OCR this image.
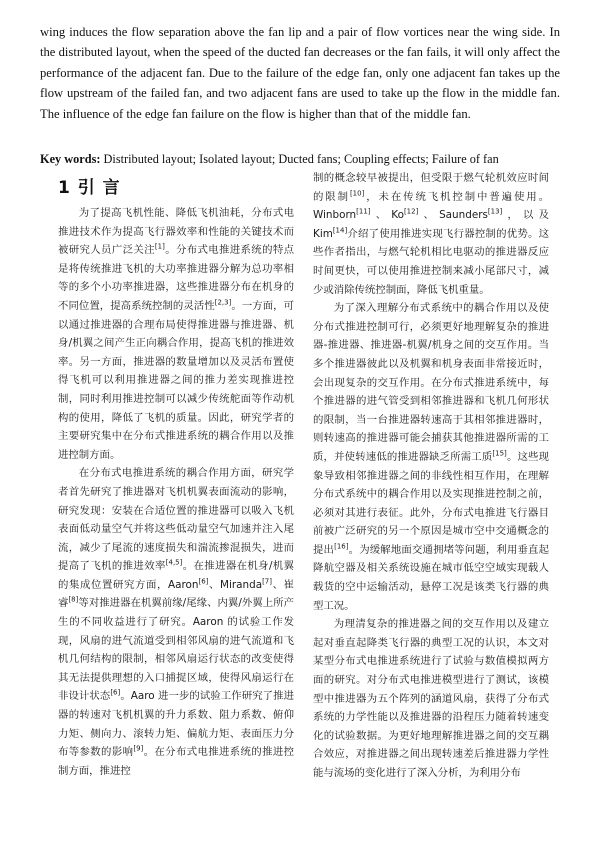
wing induces the flow separation above the fan lip and a pair of flow vortices near the wing side. In the distributed layout, when the speed of the ducted fan decreases or the fan fails, it will only affect the performance of the adjacent fan. Due to the failure of the edge fan, only one adjacent fan takes up the flow upstream of the failed fan, and two adjacent fans are used to take up the flow in the middle fan. The influence of the edge fan failure on the flow is higher than that of the middle fan.

Key words: Distributed layout; Isolated layout; Ducted fans; Coupling effects; Failure of fan
1 引 言

为了提高飞机性能、降低飞机油耗，分布式电推进技术作为提高飞行器效率和性能的关键技术而被研究人员广泛关注[1]。分布式电推进系统的特点是将传统推进飞机的大功率推进器分解为总功率相等的多个小功率推进器，这些推进器分布在机身的不同位置，提高系统控制的灵活性[2,3]。一方面，可以通过推进器的合理布局使得推进器与推进器、机身/机翼之间产生正向耦合作用，提高飞机的推进效率。另一方面，推进器的数量增加以及灵活布置使得飞机可以利用推进器之间的推力差实现推进控制，同时利用推进控制可以减少传统舵面等作动机构的使用，降低了飞机的质量。因此，研究学者的主要研究集中在分布式推进系统的耦合作用以及推进控制方面。

在分布式电推进系统的耦合作用方面，研究学者首先研究了推进器对飞机机翼表面流动的影响，研究发现：安装在合适位置的推进器可以吸入飞机表面低动量空气并将这些低动量空气加速并注入尾流，减少了尾流的速度损失和湍流掺混损失，进而提高了飞机的推进效率[4,5]。在推进器在机身/机翼的集成位置研究方面，Aaron[6]、Miranda[7]、崔睿[8]等对推进器在机翼前缘/尾缘、内翼/外翼上所产生的不同收益进行了研究。Aaron 的试验工作发现，风扇的进气流道受到相邻风扇的进气流道和飞机几何结构的限制，相邻风扇运行状态的改变使得其无法提供理想的入口捕捉区域，使得风扇运行在非设计状态[6]。Aaro 进一步的试验工作研究了推进器的转速对飞机机翼的升力系数、阻力系数、俯仰力矩、侧向力、滚转力矩、偏航力矩、表面压力分布等参数的影响[9]。在分布式电推进系统的推进控制方面，推进控

制的概念较早被提出，但受限于燃气轮机效应时间的限制[10]，未在传统飞机控制中普遍使用。Winborn[11]、Ko[12]、Saunders[13]，以及 Kim[14]介绍了使用推进实现飞行器控制的优势。这些作者指出，与燃气轮机相比电驱动的推进器反应时间更快，可以使用推进控制来减小尾部尺寸，减少或消除传统控制面，降低飞机重量。

为了深入理解分布式系统中的耦合作用以及使分布式推进控制可行，必须更好地理解复杂的推进器-推进器、推进器-机翼/机身之间的交互作用。当多个推进器彼此以及机翼和机身表面非常接近时，会出现复杂的交互作用。在分布式推进系统中，每个推进器的进气管受到相邻推进器和飞机几何形状的限制，当一台推进器转速高于其相邻推进器时，则转速高的推进器可能会捕获其他推进器所需的工质，并使转速低的推进器缺乏所需工质[15]。这些现象导致相邻推进器之间的非线性相互作用，在理解分布式系统中的耦合作用以及实现推进控制之前，必须对其进行表征。此外，分布式电推进飞行器目前被广泛研究的另一个原因是城市空中交通概念的提出[16]。为缓解地面交通拥堵等问题，利用垂直起降航空器及相关系统设施在城市低空空域实现载人载货的空中运输活动，悬停工况是该类飞行器的典型工况。

为理清复杂的推进器之间的交互作用以及建立起对垂直起降类飞行器的典型工况的认识，本文对某型分布式电推进系统进行了试验与数值模拟两方面的研究。对分布式电推进模型进行了测试，该模型中推进器为五个阵列的涵道风扇，获得了分布式系统的力学性能以及推进器的沿程压力随着转速变化的试验数据。为更好地理解推进器之间的交互耦合效应，对推进器之间出现转速差后推进器力学性能与流场的变化进行了深入分析，为利用分布
